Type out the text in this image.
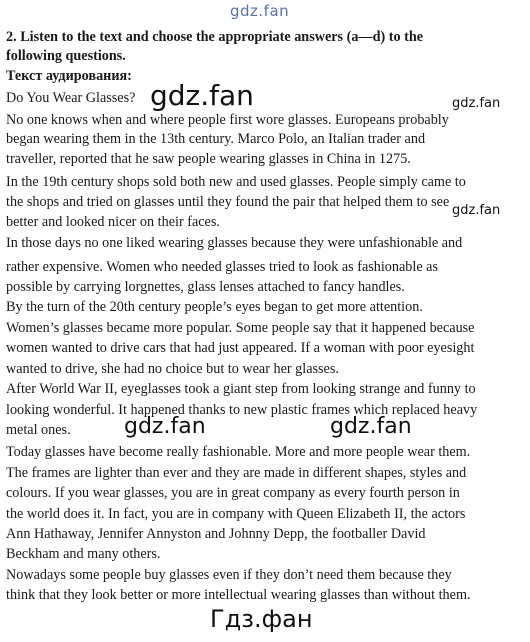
gdz.fan
2. Listen to the text and choose the appropriate answers (a—d) to the
following questions.
Текст аудирования:
Do You Wear Glasses?
No one knows when and where people first wore glasses. Europeans probably
began wearing them in the 13th century. Marco Polo, an Italian trader and
traveller, reported that he saw people wearing glasses in China in 1275.
In the 19th century shops sold both new and used glasses. People simply came to
the shops and tried on glasses until they found the pair that helped them to see
better and looked nicer on their faces.
In those days no one liked wearing glasses because they were unfashionable and
rather expensive. Women who needed glasses tried to look as fashionable as
possible by carrying lorgnettes, glass lenses attached to fancy handles.
By the turn of the 20th century people’s eyes began to get more attention.
Women’s glasses became more popular. Some people say that it happened because
women wanted to drive cars that had just appeared. If a woman with poor eyesight
wanted to drive, she had no choice but to wear her glasses.
After World War II, eyeglasses took a giant step from looking strange and funny to
looking wonderful. It happened thanks to new plastic frames which replaced heavy
metal ones.
Today glasses have become really fashionable. More and more people wear them.
The frames are lighter than ever and they are made in different shapes, styles and
colours. If you wear glasses, you are in great company as every fourth person in
the world does it. In fact, you are in company with Queen Elizabeth II, the actors
Ann Hathaway, Jennifer Annyston and Johnny Depp, the footballer David
Beckham and many others.
Nowadays some people buy glasses even if they don’t need them because they
think that they look better or more intellectual wearing glasses than without them.
gdz.fan	gdz.fan
gdz.fan
gdz.fan	gdz.fan
Гдз.фан
